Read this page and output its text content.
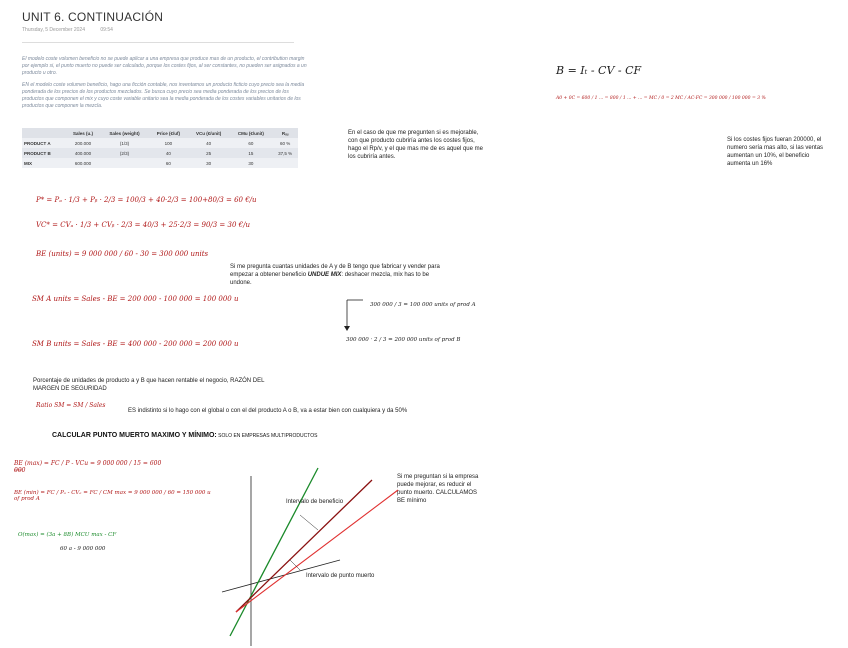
UNIT 6. CONTINUACIÓN
Thursday, 5 December 2024	09:54
El modelo coste volumen beneficio no se puede aplicar a una empresa que produce mas de un producto, el contribution margin por ejemplo si, el punto muerto no puede ser calculado, porque los costes fijos, al ser constantes, no pueden ser asignados a un producto u otro.
EN el modelo coste volumen beneficio, hago una ficción contable, nos inventamos un producto ficticio cuyo precio sea la media ponderada de los precios de los productos mezclados. Se busca cuyo precio sea media ponderada de los precios de los productos que componen el mix y cuyo coste variable unitario sea la media ponderada de los costes variables unitarios de los productos que componen la mezcla.
	Sales (u.)	Sales (weight)	Price (€/uf)	VCu (€/unit)	CMu (€/unit)	Rₓᵤ
PRODUCT A	200.000	(1/3)	100	40	60	60 %
PRODUCT B	400.000	(2/3)	40	25	15	37,5 %
MIX	600.000		60	30	30	
En el caso de que me pregunten si es mejorable, con que producto cubriría antes los costes fijos, hago el Rp/v, y el que mas me de es aquel que me los cubriría antes.
Si los costes fijos fueran 200000, el numero sería mas alto, si las ventas aumentan un 10%, el beneficio aumenta un 16%
Si me pregunta cuantas unidades de A y de B tengo que fabricar y vender para empezar a obtener beneficio UNDUE MIX: deshacer mezcla, mix has to be undone.
Porcentaje de unidades de producto a y B que hacen rentable el negocio, RAZÓN DEL MARGEN DE SEGURIDAD
ES indistinto si lo hago con el global o con el del producto A o B, va a estar bien con cualquiera y da 50%
CALCULAR PUNTO MUERTO MAXIMO Y MÍNIMO: SOLO EN EMPRESAS MULTIPRODUCTOS
Si me preguntan si la empresa puede mejorar, es reducir el punto muerto. CALCULAMOS BE mínimo
B = Iₜ - CV - CF
A0 + 0C = 600 / 1 ... = 800 / 1 ... + ... = MC / 0 = 2 MC / AC·FC = 300 000 / 100 000 = 3 %
P* = Pₐ · 1/3 + Pᵦ · 2/3 = 100/3 + 40·2/3 = 100+80/3 = 60 €/u
VC* = CVₐ · 1/3 + CVᵦ · 2/3 = 40/3 + 25·2/3 = 90/3 = 30 €/u
BE (units) = 9 000 000 / 60 - 30 = 300 000 units
SM A units = Sales - BE = 200 000 - 100 000 = 100 000 u
SM B units = Sales - BE = 400 000 - 200 000 = 200 000 u
300 000 / 3 = 100 000 units of prod A
300 000 · 2 / 3 = 200 000 units of prod B
Ratio SM = SM / Sales
BE (max) = FC / P - VCu = 9 000 000 / 15 = 600 000
BE (min) = FC / Pₐ - CVₐ = FC / CM max = 9 000 000 / 60 = 150 000 u of prod A
O(max) = (3a + 8B) MCU max - CF
60 a - 9 000 000
Intervalo de beneficio
Intervalo de punto muerto
